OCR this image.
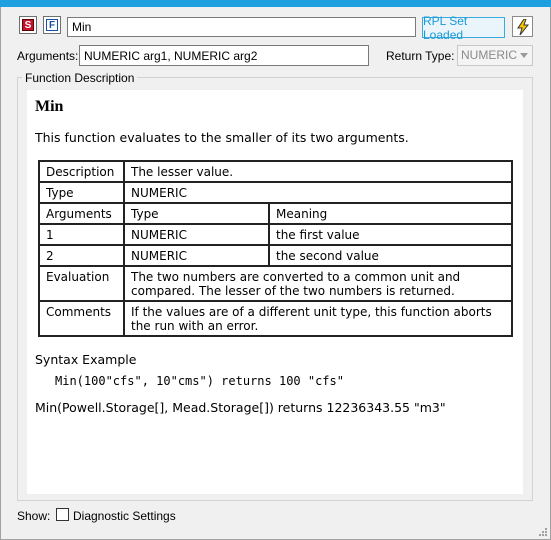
S F	Min	RPL Set Loaded
Arguments: NUMERIC arg1, NUMERIC arg2	Return Type: NUMERIC
Function Description
Min
This function evaluates to the smaller of its two arguments.
Description	The lesser value.	
Type	NUMERIC	
Arguments	Type	Meaning
1	NUMERIC	the first value
2	NUMERIC	the second value
Evaluation	The two numbers are converted to a common unit and compared. The lesser of the two numbers is returned.	
Comments	If the values are of a different unit type, this function aborts the run with an error.	
Syntax Example
Min(100"cfs", 10"cms") returns 100 "cfs"
Min(Powell.Storage[], Mead.Storage[]) returns 12236343.55 "m3"
Show: Diagnostic Settings
